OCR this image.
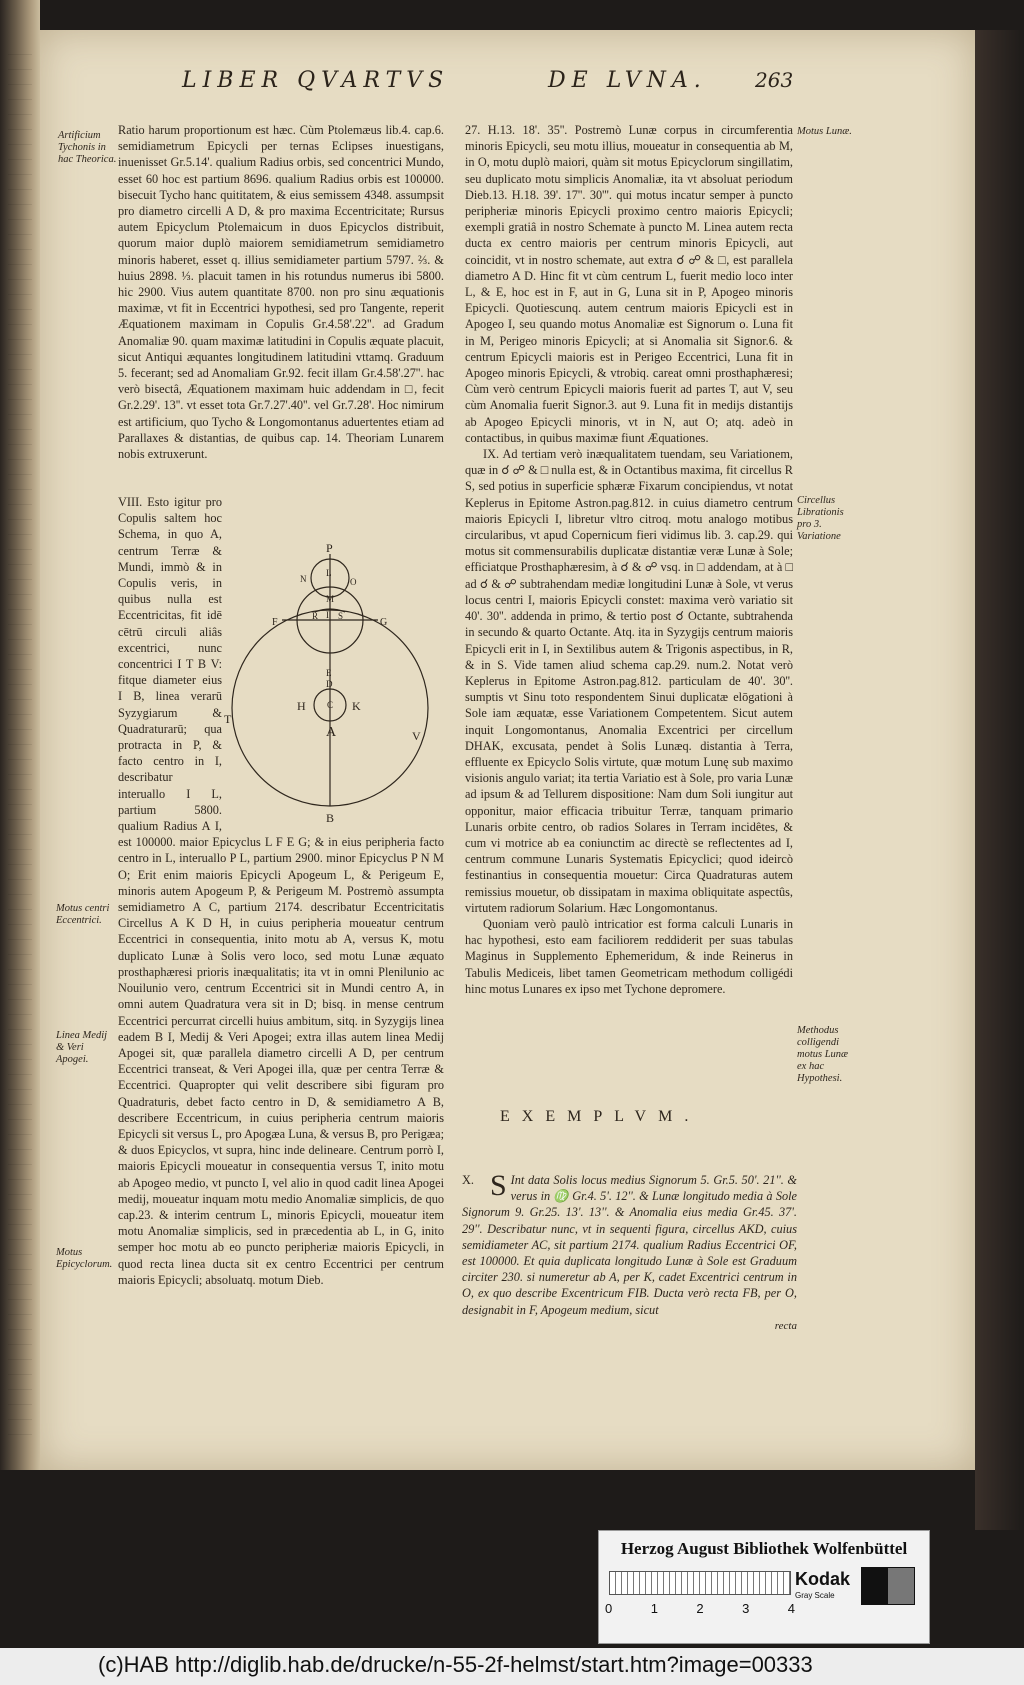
LIBER QVARTVS	DE LVNA. 263
Artificium Tychonis in hac Theorica.
Motus centri Eccentrici.
Linea Medij & Veri Apogei.
Motus Epicyclorum.

Ratio harum proportionum est hæc. Cùm Ptolemæus lib.4. cap.6. semidiametrum Epicycli per ternas Eclipses inuestigans, inuenisset Gr.5.14'. qualium Radius orbis, sed concentrici Mundo, esset 60 hoc est partium 8696. qualium Radius orbis est 100000. bisecuit Tycho hanc quititatem, & eius semissem 4348. assumpsit pro diametro circelli A D, & pro maxima Eccentricitate; Rursus autem Epicyclum Ptolemaicum in duos Epicyclos distribuit, quorum maior duplò maiorem semidiametrum semidiametro minoris haberet, esset q. illius semidiameter partium 5797. ⅔. & huius 2898. ⅓. placuit tamen in his rotundus numerus ibi 5800. hic 2900. Vius autem quantitate 8700. non pro sinu æquationis maximæ, vt fit in Eccentrici hypothesi, sed pro Tangente, reperit Æquationem maximam in Copulis Gr.4.58'.22''. ad Gradum Anomaliæ 90. quam maximæ latitudini in Copulis æquate placuit, sicut Antiqui æquantes longitudinem latitudini vttamq. Graduum 5. fecerant; sed ad Anomaliam Gr.92. fecit illam Gr.4.58'.27''. hac verò bisectâ, Æquationem maximam huic addendam in □, fecit Gr.2.29'. 13''. vt esset tota Gr.7.27'.40''. vel Gr.7.28'. Hoc nimirum est artificium, quo Tycho & Longomontanus aduertentes etiam ad Parallaxes & distantias, de quibus cap. 14. Theoriam Lunarem nobis extruxerunt.

VIII. Esto igitur pro Copulis saltem hoc Schema, in quo A, centrum Terræ & Mundi, immò & in Copulis veris, in quibus nulla est Eccentricitas, fit idē cētrū circuli aliâs excentrici, nunc concentrici I T B V: fitque diameter eius I B, linea verarū Syzygiarum & Quadraturarū; qua protracta in P, & facto centro in I, describatur interuallo I L, partium 5800. qualium Radius A I, est 100000. maior Epicyclus L F E G; & in eius peripheria facto centro in L, interuallo P L, partium 2900. minor Epicyclus P N M O; Erit enim maioris Epicycli Apogeum L, & Perigeum E, minoris autem Apogeum P, & Perigeum M. Postremò assumpta semidiametro A C, partium 2174. describatur Eccentricitatis Circellus A K D H, in cuius peripheria moueatur centrum Eccentrici in consequentia, inito motu ab A, versus K, motu duplicato Lunæ à Solis vero loco, sed motu Lunæ æquato prosthaphæresi prioris inæqualitatis; ita vt in omni Plenilunio ac Nouilunio vero, centrum Eccentrici sit in Mundi centro A, in omni autem Quadratura vera sit in D; bisq. in mense centrum Eccentrici percurrat circelli huius ambitum, sitq. in Syzygijs linea eadem B I, Medij & Veri Apogei; extra illas autem linea Medij Apogei sit, quæ parallela diametro circelli A D, per centrum Eccentrici transeat, & Veri Apogei illa, quæ per centra Terræ & Eccentrici. Quapropter qui velit describere sibi figuram pro Quadraturis, debet facto centro in D, & semidiametro A B, describere Eccentricum, in cuius peripheria centrum maioris Epicycli sit versus L, pro Apogæa Luna, & versus B, pro Perigæa; & duos Epicyclos, vt supra, hinc inde delineare. Centrum porrò I, maioris Epicycli moueatur in consequentia versus T, inito motu ab Apogeo medio, vt puncto I, vel alio in quod cadit linea Apogei medij, moueatur inquam motu medio Anomaliæ simplicis, de quo cap.23. & interim centrum L, minoris Epicycli, moueatur item motu Anomaliæ simplicis, sed in præcedentia ab L, in G, inito semper hoc motu ab eo puncto peripheriæ maioris Epicycli, in quod recta linea ducta sit ex centro Eccentrici per centrum maioris Epicycli; absoluatq. motum Dieb.

P
L
N	O
M
R I S
F	G
E
D
H C K
T
A	V
B

27. H.13. 18'. 35''. Postremò Lunæ corpus in circumferentia minoris Epicycli, seu motu illius, moueatur in consequentia ab M, in O, motu duplò maiori, quàm sit motus Epicyclorum singillatim, seu duplicato motu simplicis Anomaliæ, ita vt absoluat periodum Dieb.13. H.18. 39'. 17''. 30'''. qui motus incatur semper à puncto peripheriæ minoris Epicycli proximo centro maioris Epicycli; exempli gratiâ in nostro Schemate à puncto M. Linea autem recta ducta ex centro maioris per centrum minoris Epicycli, aut coincidit, vt in nostro schemate, aut extra ☌ ☍ & □, est parallela diametro A D. Hinc fit vt cùm centrum L, fuerit medio loco inter L, & E, hoc est in F, aut in G, Luna sit in P, Apogeo minoris Epicycli. Quotiescunq. autem centrum maioris Epicycli est in Apogeo I, seu quando motus Anomaliæ est Signorum o. Luna fit in M, Perigeo minoris Epicycli; at si Anomalia sit Signor.6. & centrum Epicycli maioris est in Perigeo Eccentrici, Luna fit in Apogeo minoris Epicycli, & vtrobiq. careat omni prosthaphæresi; Cùm verò centrum Epicycli maioris fuerit ad partes T, aut V, seu cùm Anomalia fuerit Signor.3. aut 9. Luna fit in medijs distantijs ab Apogeo Epicycli minoris, vt in N, aut O; atq. adeò in contactibus, in quibus maximæ fiunt Æquationes.

IX. Ad tertiam verò inæqualitatem tuendam, seu Variationem, quæ in ☌ ☍ & □ nulla est, & in Octantibus maxima, fit circellus R S, sed potius in superficie sphæræ Fixarum concipiendus, vt notat Keplerus in Epitome Astron.pag.812. in cuius diametro centrum maioris Epicycli I, libretur vltro citroq. motu analogo motibus circularibus, vt apud Copernicum fieri vidimus lib. 3. cap.29. qui motus sit commensurabilis duplicatæ distantiæ veræ Lunæ à Sole; efficiatque Prosthaphæresim, à ☌ & ☍ vsq. in □ addendam, at à □ ad ☌ & ☍ subtrahendam mediæ longitudini Lunæ à Sole, vt verus locus centri I, maioris Epicycli constet: maxima verò variatio sit 40'. 30''. addenda in primo, & tertio post ☌ Octante, subtrahenda in secundo & quarto Octante. Atq. ita in Syzygijs centrum maioris Epicycli erit in I, in Sextilibus autem & Trigonis aspectibus, in R, & in S. Vide tamen aliud schema cap.29. num.2. Notat verò Keplerus in Epitome Astron.pag.812. particulam de 40'. 30''. sumptis vt Sinu toto respondentem Sinui duplicatæ elōgationi à Sole iam æquatæ, esse Variationem Competentem. Sicut autem inquit Longomontanus, Anomalia Excentrici per circellum DHAK, excusata, pendet à Solis Lunæq. distantia à Terra, effluente ex Epicyclo Solis virtute, quæ motum Lunę sub maximo visionis angulo variat; ita tertia Variatio est à Sole, pro varia Lunæ ad ipsum & ad Tellurem dispositione: Nam dum Soli iungitur aut opponitur, maior efficacia tribuitur Terræ, tanquam primario Lunaris orbite centro, ob radios Solares in Terram incidêtes, & cum vi motrice ab ea coniunctim ac directè se reflectentes ad I, centrum commune Lunaris Systematis Epicyclici; quod ideircò festinantius in consequentia mouetur: Circa Quadraturas autem remissius mouetur, ob dissipatam in maxima obliquitate aspectûs, virtutem radiorum Solarium. Hæc Longomontanus.

Quoniam verò paulò intricatior est forma calculi Lunaris in hac hypothesi, esto eam faciliorem reddiderit per suas tabulas Maginus in Supplemento Ephemeridum, & inde Reinerus in Tabulis Mediceis, libet tamen Geometricam methodum colligédi hinc motus Lunares ex ipso met Tychone depromere.

Motus Lunæ.
Circellus Librationis pro 3. Variatione
Methodus colligendi motus Lunæ ex hac Hypothesi.
EXEMPLVM.
X. S Int data Solis locus medius Signorum 5. Gr.5. 50'. 21''. & verus in ♍ Gr.4. 5'. 12''. & Lunæ longitudo media à Sole Signorum 9. Gr.25. 13'. 13''. & Anomalia eius media Gr.45. 37'. 29''. Describatur nunc, vt in sequenti figura, circellus AKD, cuius semidiameter AC, sit partium 2174. qualium Radius Eccentrici OF, est 100000. Et quia duplicata longitudo Lunæ à Sole est Graduum circiter 230. si numeretur ab A, per K, cadet Excentrici centrum in O, ex quo describe Excentricum FIB. Ducta verò recta FB, per O, designabit in F, Apogeum medium, sicut
recta
Herzog August Bibliothek Wolfenbüttel
0	1	2	3	4
Kodak
Gray Scale
(c)HAB http://diglib.hab.de/drucke/n-55-2f-helmst/start.htm?image=00333
